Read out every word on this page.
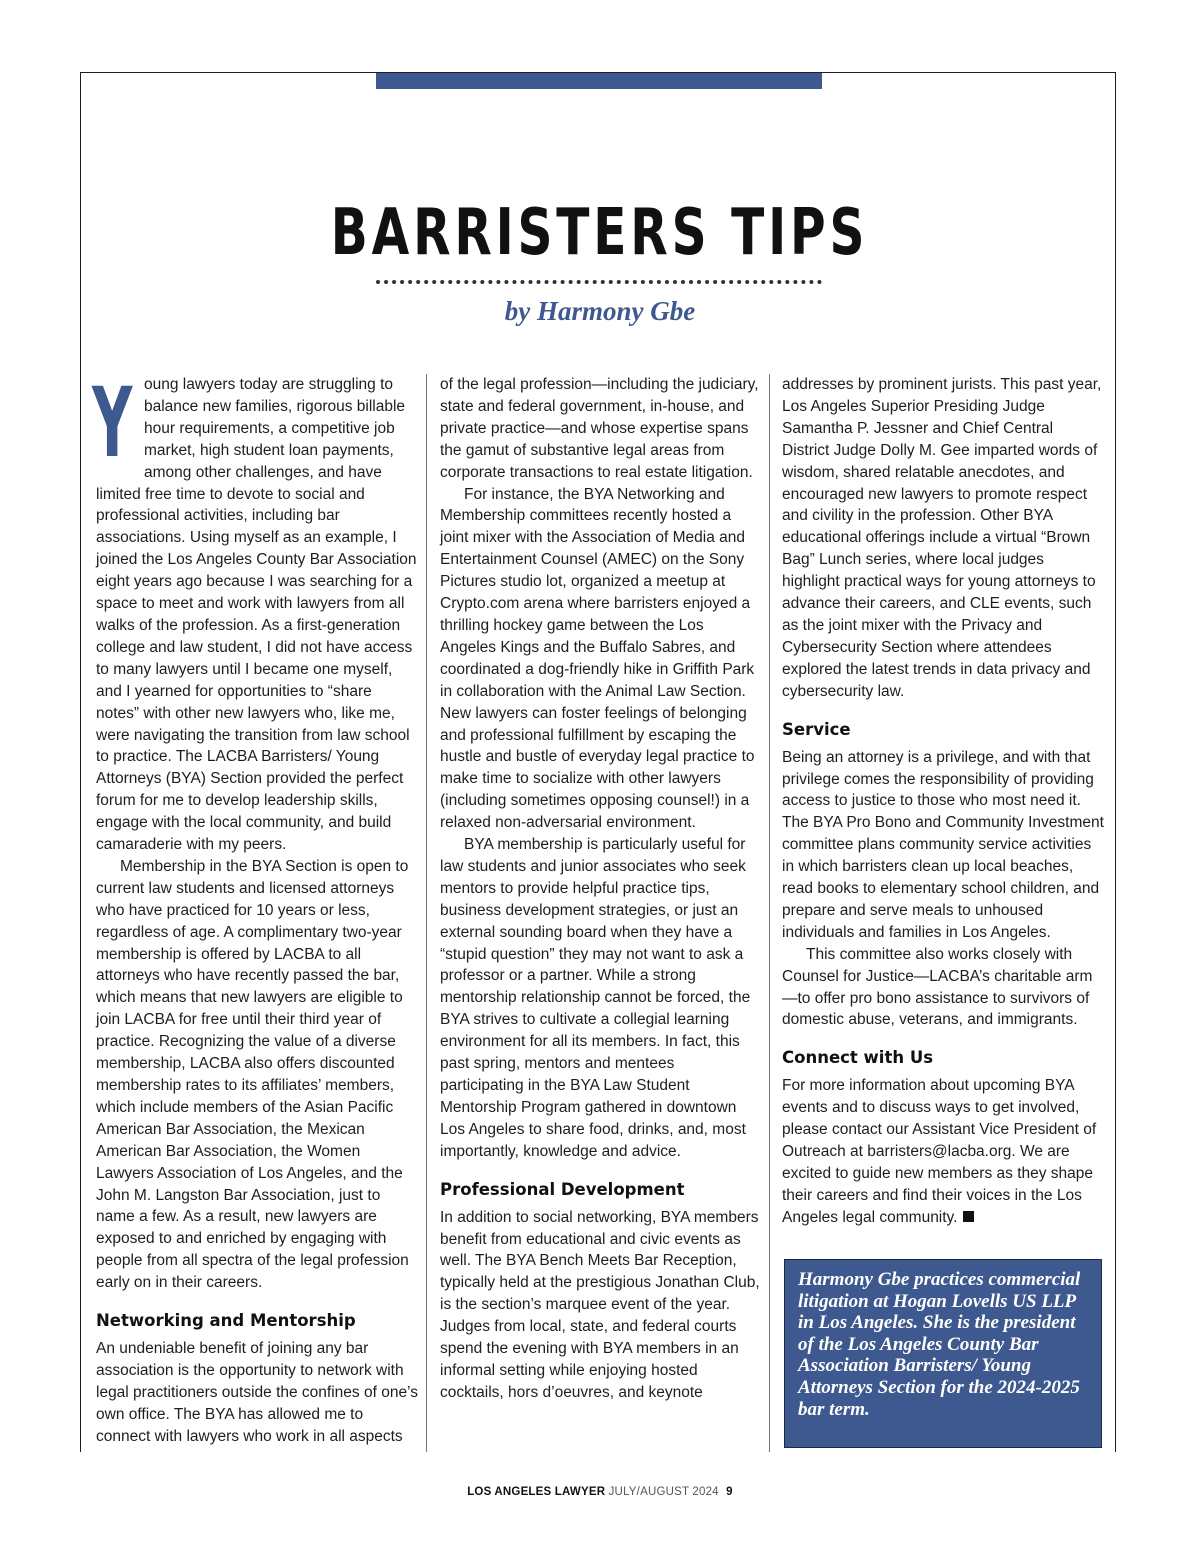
BARRISTERS TIPS
by Harmony Gbe
Y oung lawyers today are struggling to balance new families, rigorous billable hour requirements, a competitive job market, high student loan payments, among other challenges, and have limited free time to devote to social and professional activities, including bar associations. Using myself as an example, I joined the Los Angeles County Bar Association eight years ago because I was searching for a space to meet and work with lawyers from all walks of the profession. As a first-generation college and law student, I did not have access to many lawyers until I became one myself, and I yearned for opportunities to “share notes” with other new lawyers who, like me, were navigating the transition from law school to practice. The LACBA Barristers/ Young Attorneys (BYA) Section provided the perfect forum for me to develop leadership skills, engage with the local community, and build camaraderie with my peers.

Membership in the BYA Section is open to current law students and licensed attorneys who have practiced for 10 years or less, regardless of age. A complimentary two-year membership is offered by LACBA to all attorneys who have recently passed the bar, which means that new lawyers are eligible to join LACBA for free until their third year of practice. Recognizing the value of a diverse membership, LACBA also offers discounted membership rates to its affiliates’ members, which include members of the Asian Pacific American Bar Association, the Mexican American Bar Association, the Women Lawyers Association of Los Angeles, and the John M. Langston Bar Association, just to name a few. As a result, new lawyers are exposed to and enriched by engaging with people from all spectra of the legal profession early on in their careers.

Networking and Mentorship

An undeniable benefit of joining any bar association is the opportunity to network with legal practitioners outside the confines of one’s own office. The BYA has allowed me to connect with lawyers who work in all aspects

of the legal profession—including the judiciary, state and federal government, in-house, and private practice—and whose expertise spans the gamut of substantive legal areas from corporate transactions to real estate litigation.

For instance, the BYA Networking and Membership committees recently hosted a joint mixer with the Association of Media and Entertainment Counsel (AMEC) on the Sony Pictures studio lot, organized a meetup at Crypto.com arena where barristers enjoyed a thrilling hockey game between the Los Angeles Kings and the Buffalo Sabres, and coordinated a dog-friendly hike in Griffith Park in collaboration with the Animal Law Section. New lawyers can foster feelings of belonging and professional fulfillment by escaping the hustle and bustle of everyday legal practice to make time to socialize with other lawyers (including sometimes opposing counsel!) in a relaxed non-adversarial environment.

BYA membership is particularly useful for law students and junior associates who seek mentors to provide helpful practice tips, business development strategies, or just an external sounding board when they have a “stupid question” they may not want to ask a professor or a partner. While a strong mentorship relationship cannot be forced, the BYA strives to cultivate a collegial learning environment for all its members. In fact, this past spring, mentors and mentees participating in the BYA Law Student Mentorship Program gathered in downtown Los Angeles to share food, drinks, and, most importantly, knowledge and advice.

Professional Development

In addition to social networking, BYA members benefit from educational and civic events as well. The BYA Bench Meets Bar Reception, typically held at the prestigious Jonathan Club, is the section’s marquee event of the year. Judges from local, state, and federal courts spend the evening with BYA members in an informal setting while enjoying hosted cocktails, hors d’oeuvres, and keynote

addresses by prominent jurists. This past year, Los Angeles Superior Presiding Judge Samantha P. Jessner and Chief Central District Judge Dolly M. Gee imparted words of wisdom, shared relatable anecdotes, and encouraged new lawyers to promote respect and civility in the profession. Other BYA educational offerings include a virtual “Brown Bag” Lunch series, where local judges highlight practical ways for young attorneys to advance their careers, and CLE events, such as the joint mixer with the Privacy and Cybersecurity Section where attendees explored the latest trends in data privacy and cybersecurity law.

Service

Being an attorney is a privilege, and with that privilege comes the responsibility of providing access to justice to those who most need it. The BYA Pro Bono and Community Investment committee plans community service activities in which barristers clean up local beaches, read books to elementary school children, and prepare and serve meals to unhoused individuals and families in Los Angeles.

This committee also works closely with Counsel for Justice—LACBA’s charitable arm—to offer pro bono assistance to survivors of domestic abuse, veterans, and immigrants.

Connect with Us

For more information about upcoming BYA events and to discuss ways to get involved, please contact our Assistant Vice President of Outreach at barristers@lacba.org. We are excited to guide new members as they shape their careers and find their voices in the Los Angeles legal community.

Harmony Gbe practices commercial litigation at Hogan Lovells US LLP in Los Angeles. She is the president of the Los Angeles County Bar Association Barristers/ Young Attorneys Section for the 2024-2025 bar term.
LOS ANGELES LAWYER JULY/AUGUST 2024 9
